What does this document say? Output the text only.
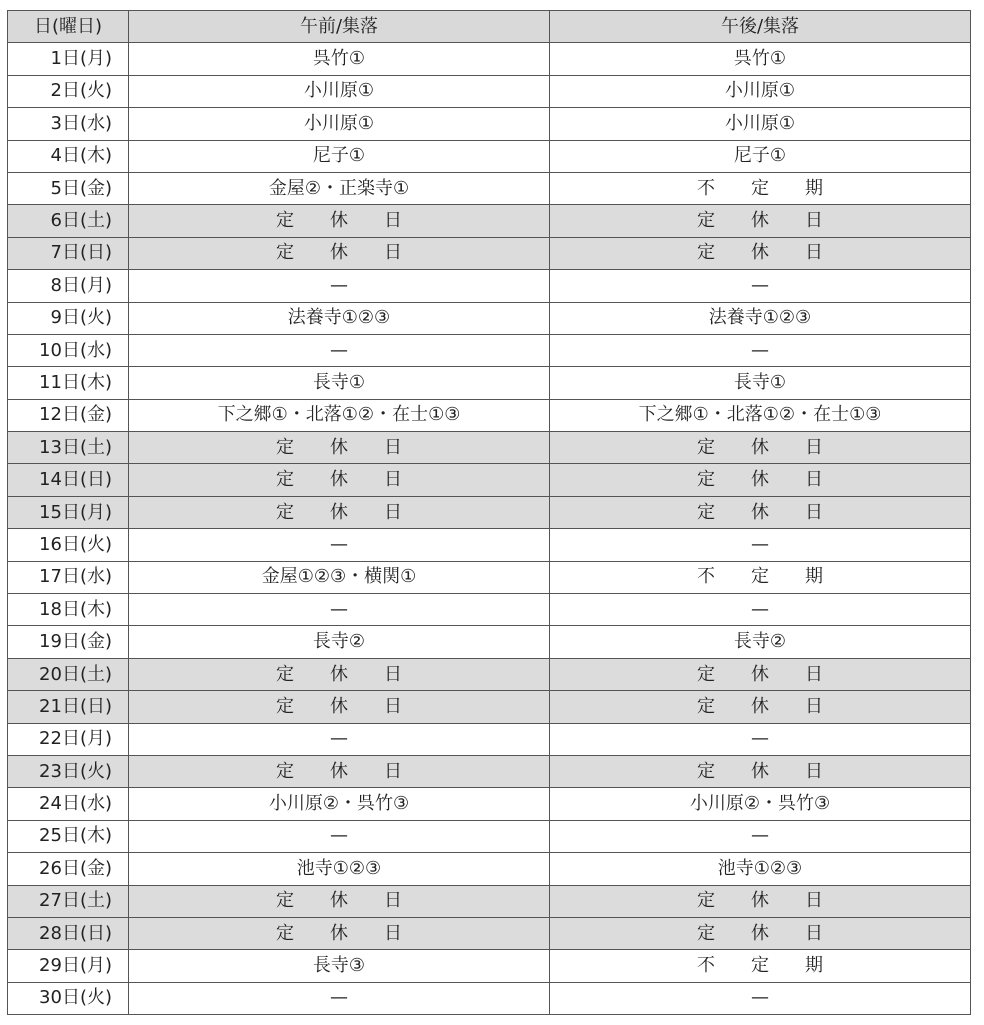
日(曜日)	午前/集落	午後/集落
1日(月)	呉竹①	呉竹①
2日(火)	小川原①	小川原①
3日(水)	小川原①	小川原①
4日(木)	尼子①	尼子①
5日(金)	金屋②・正楽寺①	不　　定　　期
6日(土)	定　　休　　日	定　　休　　日
7日(日)	定　　休　　日	定　　休　　日
8日(月)	—	—
9日(火)	法養寺①②③	法養寺①②③
10日(水)	—	—
11日(木)	長寺①	長寺①
12日(金)	下之郷①・北落①②・在士①③	下之郷①・北落①②・在士①③
13日(土)	定　　休　　日	定　　休　　日
14日(日)	定　　休　　日	定　　休　　日
15日(月)	定　　休　　日	定　　休　　日
16日(火)	—	—
17日(水)	金屋①②③・横関①	不　　定　　期
18日(木)	—	—
19日(金)	長寺②	長寺②
20日(土)	定　　休　　日	定　　休　　日
21日(日)	定　　休　　日	定　　休　　日
22日(月)	—	—
23日(火)	定　　休　　日	定　　休　　日
24日(水)	小川原②・呉竹③	小川原②・呉竹③
25日(木)	—	—
26日(金)	池寺①②③	池寺①②③
27日(土)	定　　休　　日	定　　休　　日
28日(日)	定　　休　　日	定　　休　　日
29日(月)	長寺③	不　　定　　期
30日(火)	—	—
